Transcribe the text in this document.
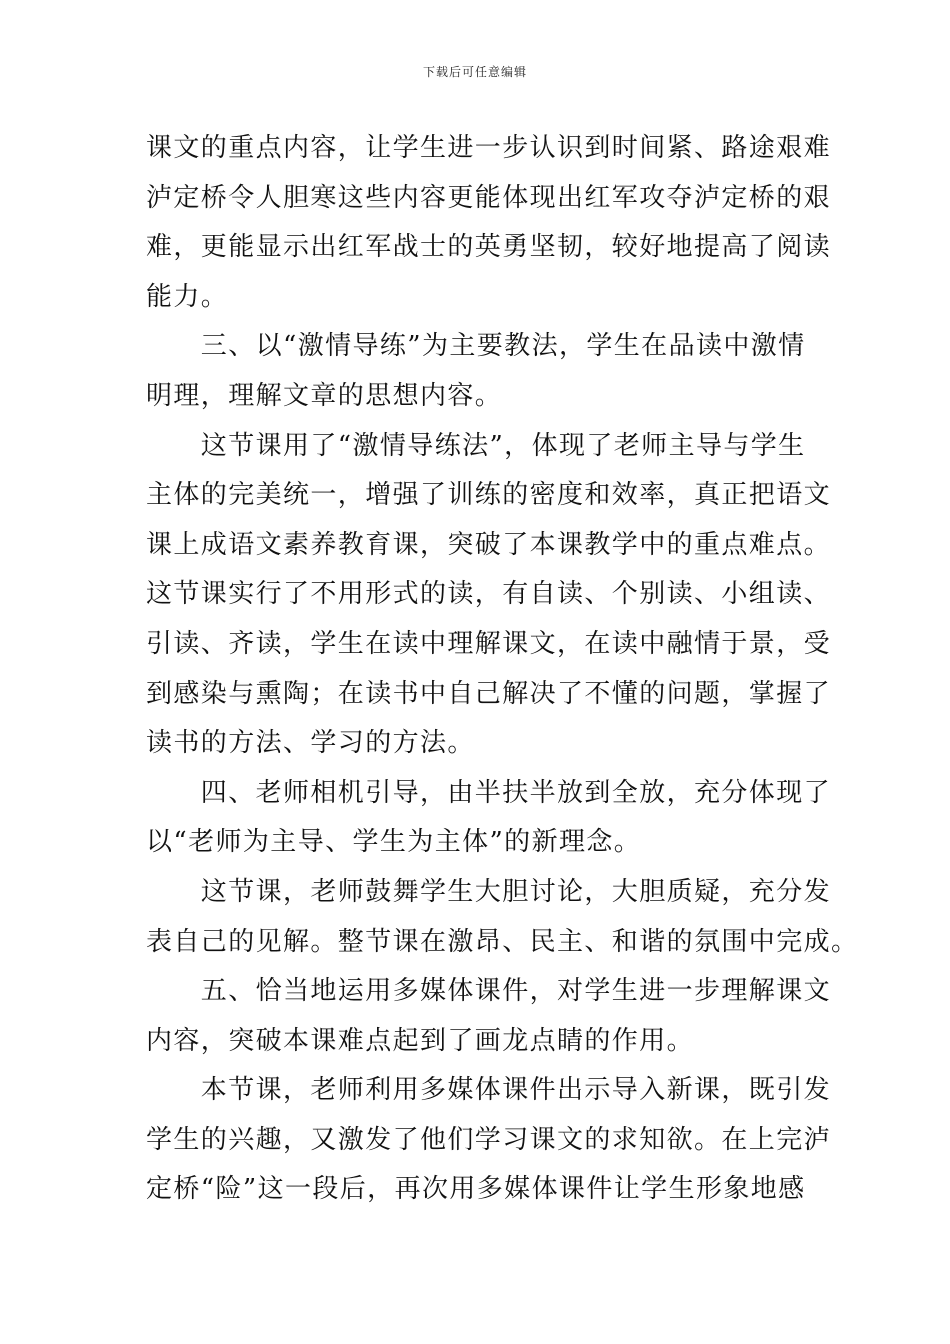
下载后可任意编辑
课文的重点内容，让学生进一步认识到时间紧、路途艰难
泸定桥令人胆寒这些内容更能体现出红军攻夺泸定桥的艰
难，更能显示出红军战士的英勇坚韧，较好地提高了阅读
能力。
　　三、以“激情导练”为主要教法，学生在品读中激情
明理，理解文章的思想内容。
　　这节课用了“激情导练法”，体现了老师主导与学生
主体的完美统一，增强了训练的密度和效率，真正把语文
课上成语文素养教育课，突破了本课教学中的重点难点。
这节课实行了不用形式的读，有自读、个别读、小组读、
引读、齐读，学生在读中理解课文，在读中融情于景，受
到感染与熏陶；在读书中自己解决了不懂的问题，掌握了
读书的方法、学习的方法。
　　四、老师相机引导，由半扶半放到全放，充分体现了
以“老师为主导、学生为主体”的新理念。
　　这节课，老师鼓舞学生大胆讨论，大胆质疑，充分发
表自己的见解。整节课在激昂、民主、和谐的氛围中完成。
　　五、恰当地运用多媒体课件，对学生进一步理解课文
内容，突破本课难点起到了画龙点睛的作用。
　　本节课，老师利用多媒体课件出示导入新课，既引发
学生的兴趣，又激发了他们学习课文的求知欲。在上完泸
定桥“险”这一段后，再次用多媒体课件让学生形象地感
